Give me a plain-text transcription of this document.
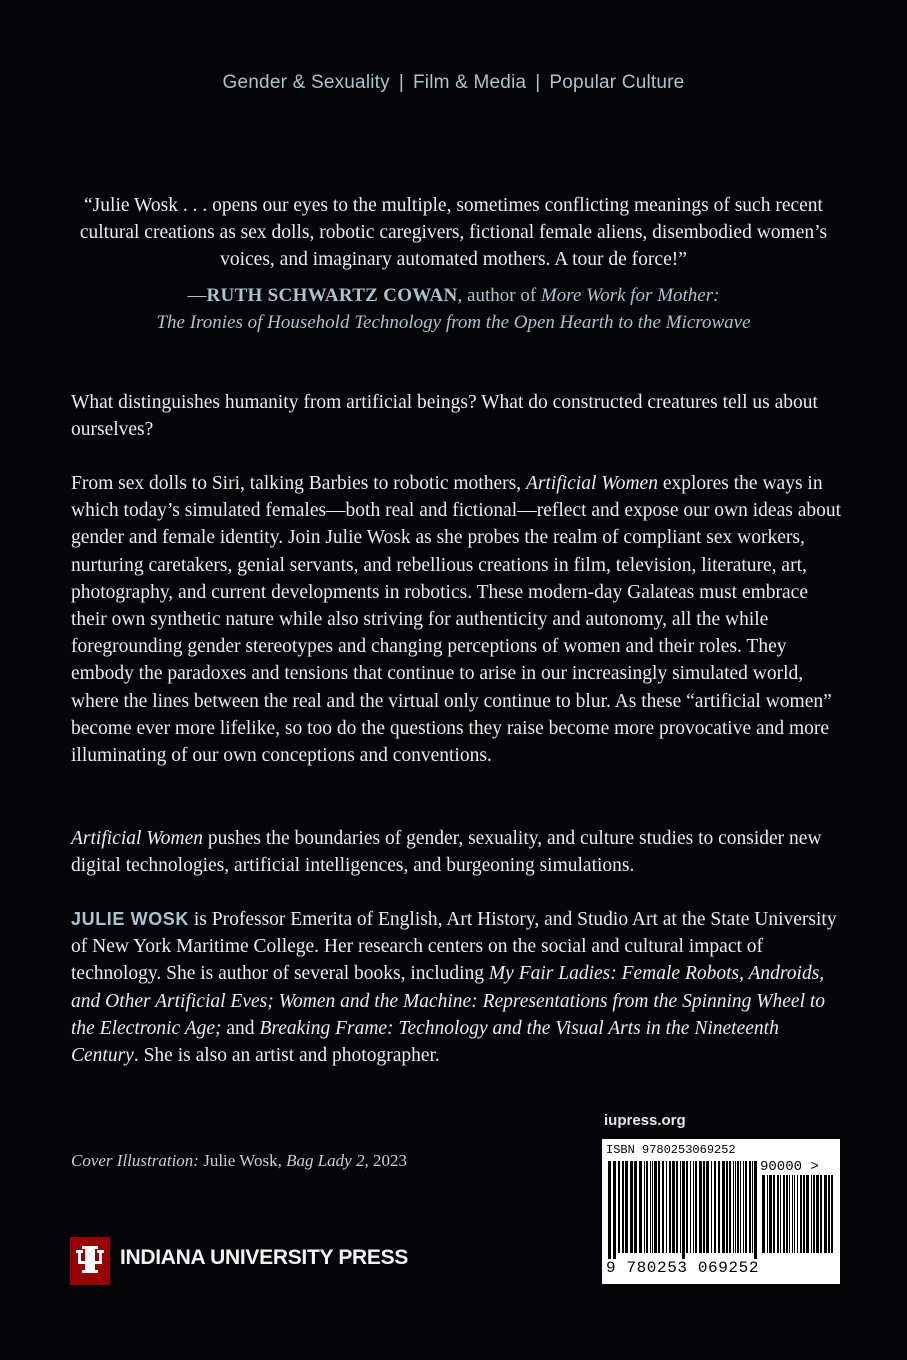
Gender & Sexuality | Film & Media | Popular Culture

“Julie Wosk . . . opens our eyes to the multiple, sometimes conflicting meanings of such recent cultural creations as sex dolls, robotic caregivers, fictional female aliens, disembodied women’s voices, and imaginary automated mothers. A tour de force!”

—RUTH SCHWARTZ COWAN, author of More Work for Mother:
The Ironies of Household Technology from the Open Hearth to the Microwave

What distinguishes humanity from artificial beings? What do constructed creatures tell us about ourselves?

From sex dolls to Siri, talking Barbies to robotic mothers, Artificial Women explores the ways in which today’s simulated females—both real and fictional—reflect and expose our own ideas about gender and female identity. Join Julie Wosk as she probes the realm of compliant sex workers, nurturing caretakers, genial servants, and rebellious creations in film, television, literature, art, photography, and current developments in robotics. These modern-day Galateas must embrace their own synthetic nature while also striving for authenticity and autonomy, all the while foregrounding gender stereotypes and changing perceptions of women and their roles. They embody the paradoxes and tensions that continue to arise in our increasingly simulated world, where the lines between the real and the virtual only continue to blur. As these “artificial women” become ever more lifelike, so too do the questions they raise become more provocative and more illuminating of our own conceptions and conventions.

Artificial Women pushes the boundaries of gender, sexuality, and culture studies to consider new digital technologies, artificial intelligences, and burgeoning simulations.

JULIE WOSK is Professor Emerita of English, Art History, and Studio Art at the State University of New York Maritime College. Her research centers on the social and cultural impact of technology. She is author of several books, including My Fair Ladies: Female Robots, Androids, and Other Artificial Eves; Women and the Machine: Representations from the Spinning Wheel to the Electronic Age; and Breaking Frame: Technology and the Visual Arts in the Nineteenth Century. She is also an artist and photographer.

Cover Illustration: Julie Wosk, Bag Lady 2, 2023
INDIANA UNIVERSITY PRESS
iupress.org
ISBN 9780253069252
90000 >
9 780253 069252
